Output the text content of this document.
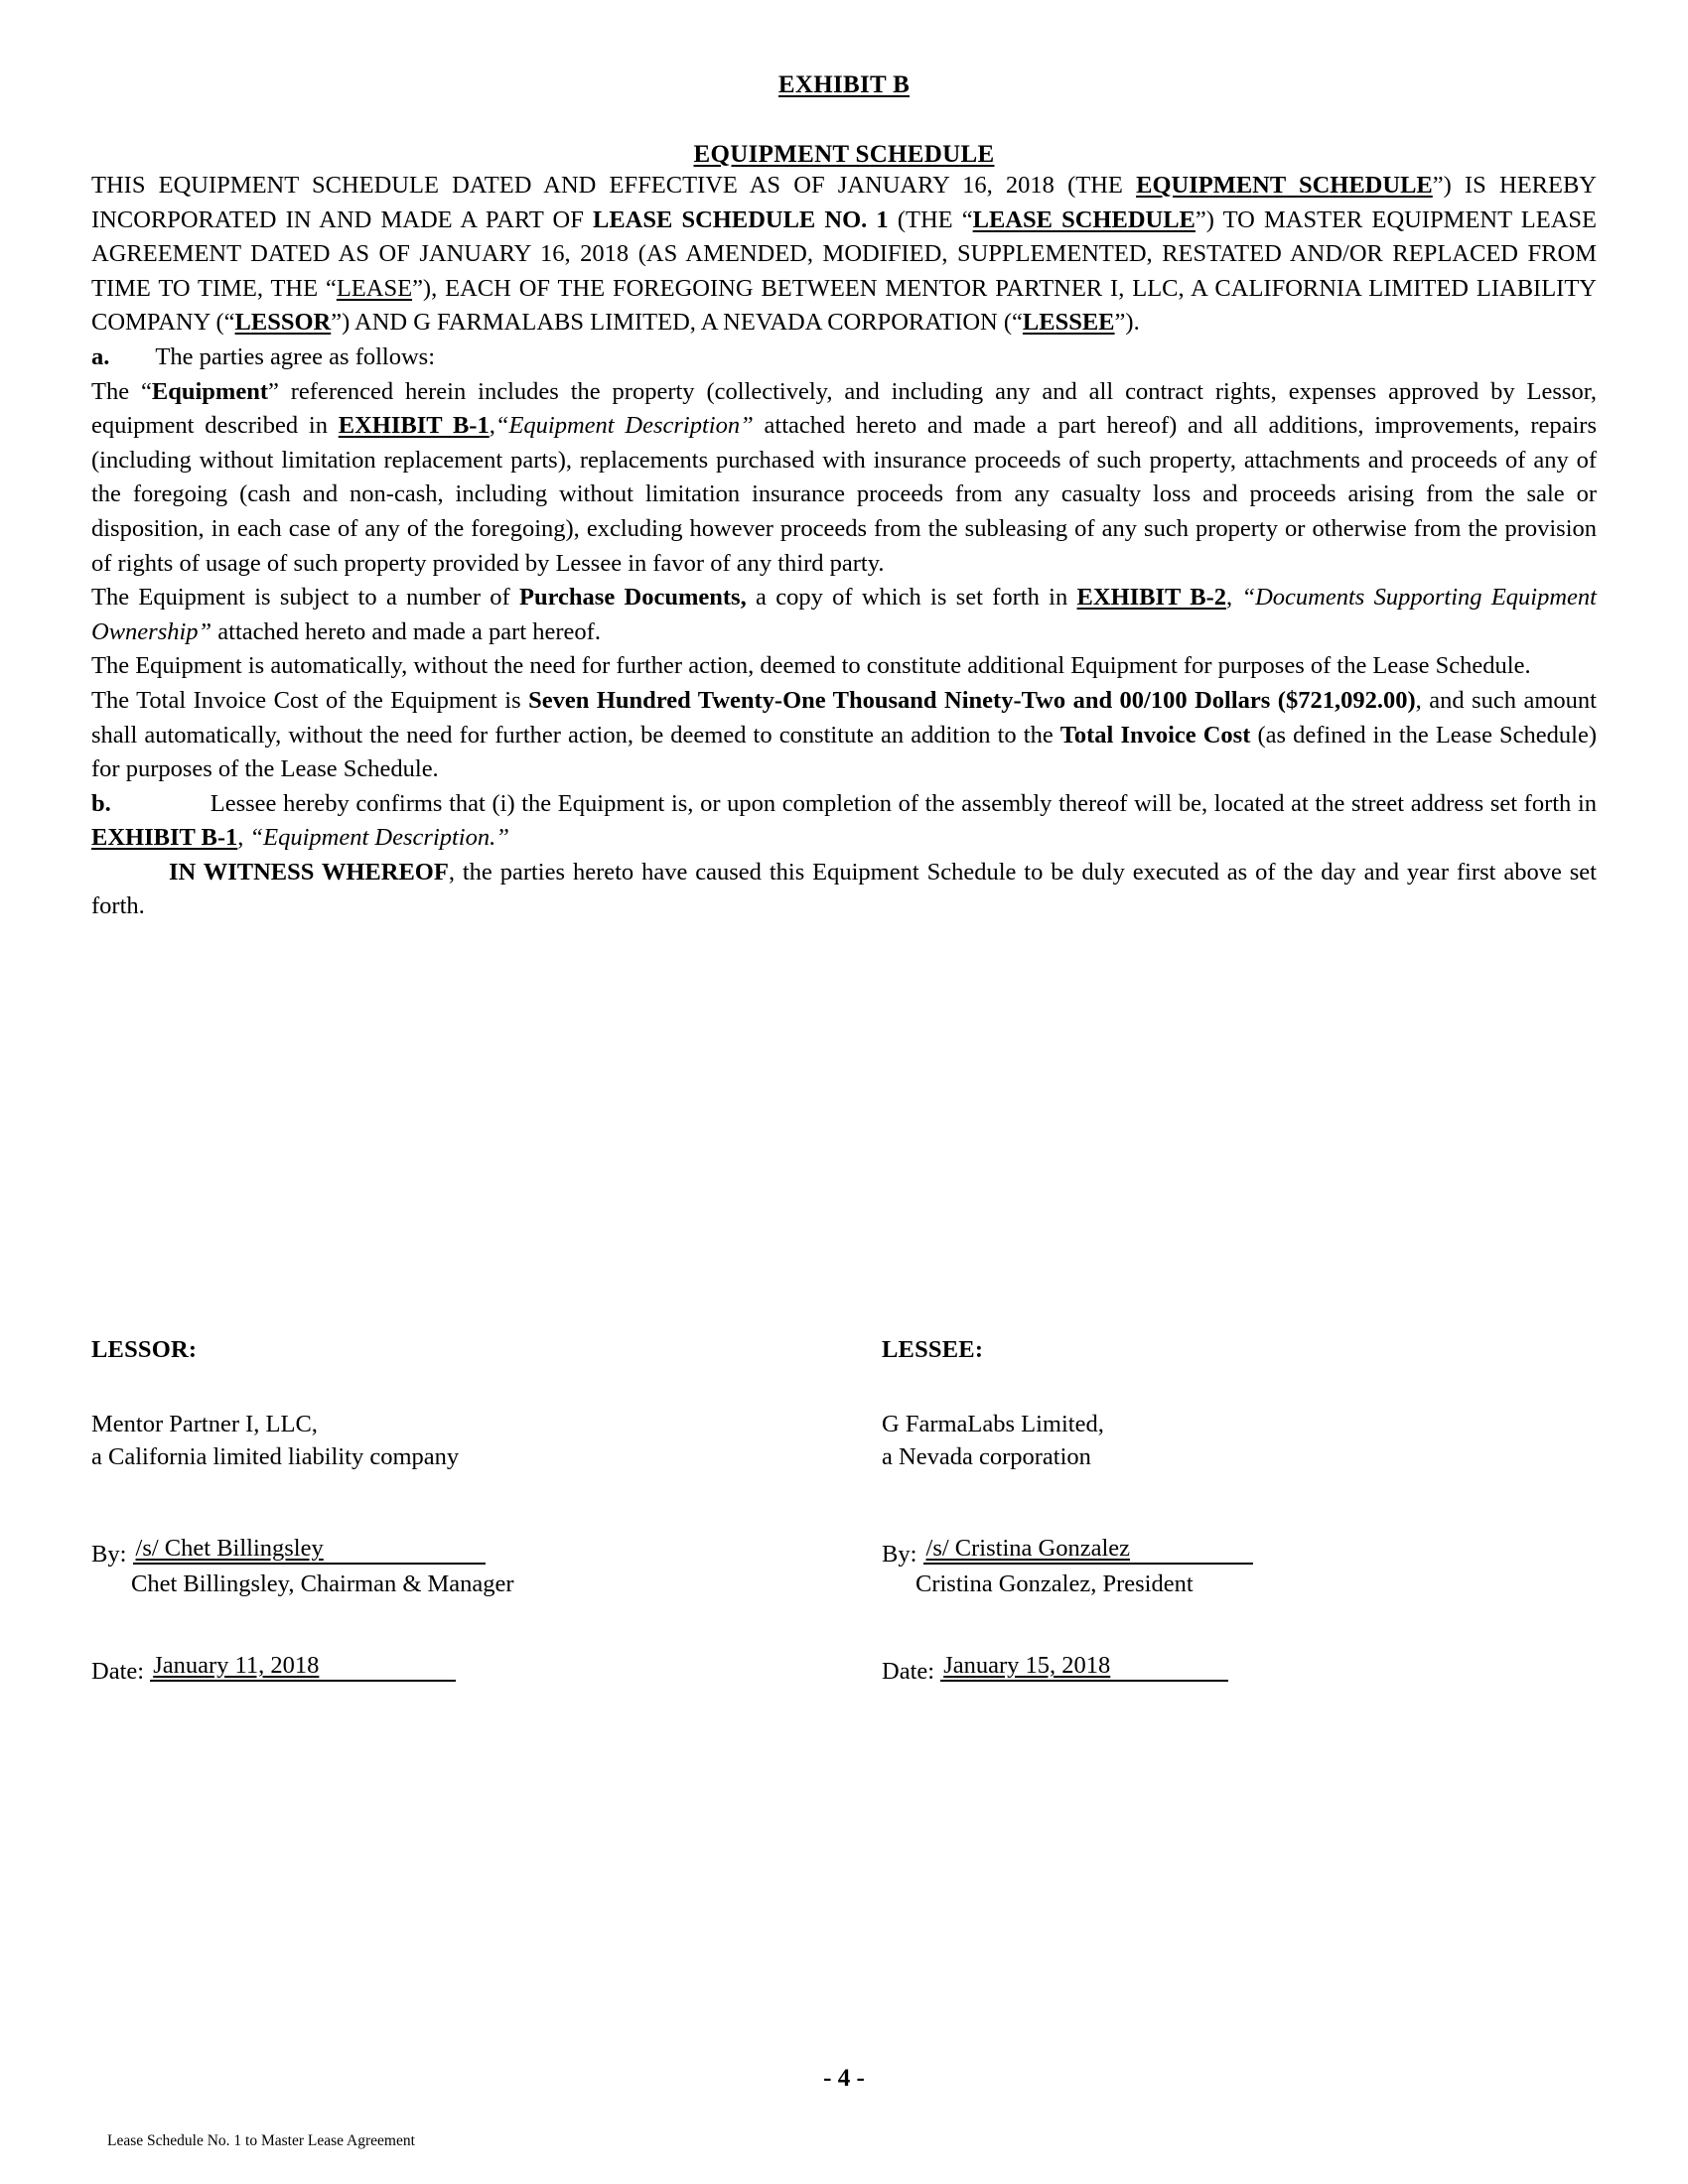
EXHIBIT B
EQUIPMENT SCHEDULE

THIS EQUIPMENT SCHEDULE DATED AND EFFECTIVE AS OF JANUARY 16, 2018 (THE EQUIPMENT SCHEDULE”) IS HEREBY INCORPORATED IN AND MADE A PART OF LEASE SCHEDULE NO. 1 (THE “LEASE SCHEDULE”) TO MASTER EQUIPMENT LEASE AGREEMENT DATED AS OF JANUARY 16, 2018 (AS AMENDED, MODIFIED, SUPPLEMENTED, RESTATED AND/OR REPLACED FROM TIME TO TIME, THE “LEASE”), EACH OF THE FOREGOING BETWEEN MENTOR PARTNER I, LLC, A CALIFORNIA LIMITED LIABILITY COMPANY (“LESSOR”) AND G FARMALABS LIMITED, A NEVADA CORPORATION (“LESSEE”).

a. The parties agree as follows:

The “Equipment” referenced herein includes the property (collectively, and including any and all contract rights, expenses approved by Lessor, equipment described in EXHIBIT B-1,“Equipment Description” attached hereto and made a part hereof) and all additions, improvements, repairs (including without limitation replacement parts), replacements purchased with insurance proceeds of such property, attachments and proceeds of any of the foregoing (cash and non-cash, including without limitation insurance proceeds from any casualty loss and proceeds arising from the sale or disposition, in each case of any of the foregoing), excluding however proceeds from the subleasing of any such property or otherwise from the provision of rights of usage of such property provided by Lessee in favor of any third party.

The Equipment is subject to a number of Purchase Documents, a copy of which is set forth in EXHIBIT B-2, “Documents Supporting Equipment Ownership” attached hereto and made a part hereof.

The Equipment is automatically, without the need for further action, deemed to constitute additional Equipment for purposes of the Lease Schedule.

The Total Invoice Cost of the Equipment is Seven Hundred Twenty-One Thousand Ninety-Two and 00/100 Dollars ($721,092.00), and such amount shall automatically, without the need for further action, be deemed to constitute an addition to the Total Invoice Cost (as defined in the Lease Schedule) for purposes of the Lease Schedule.

b.	Lessee hereby confirms that (i) the Equipment is, or upon completion of the assembly thereof will be, located at the street address set forth in EXHIBIT B-1, “Equipment Description.”

IN WITNESS WHEREOF, the parties hereto have caused this Equipment Schedule to be duly executed as of the day and year first above set forth.

LESSOR:
Mentor Partner I, LLC,
a California limited liability company
By: /s/ Chet Billingsley
Chet Billingsley, Chairman & Manager
Date: January 11, 2018
LESSEE:
G FarmaLabs Limited,
a Nevada corporation
By: /s/ Cristina Gonzalez
Cristina Gonzalez, President
Date: January 15, 2018
- 4 -
Lease Schedule No. 1 to Master Lease Agreement
